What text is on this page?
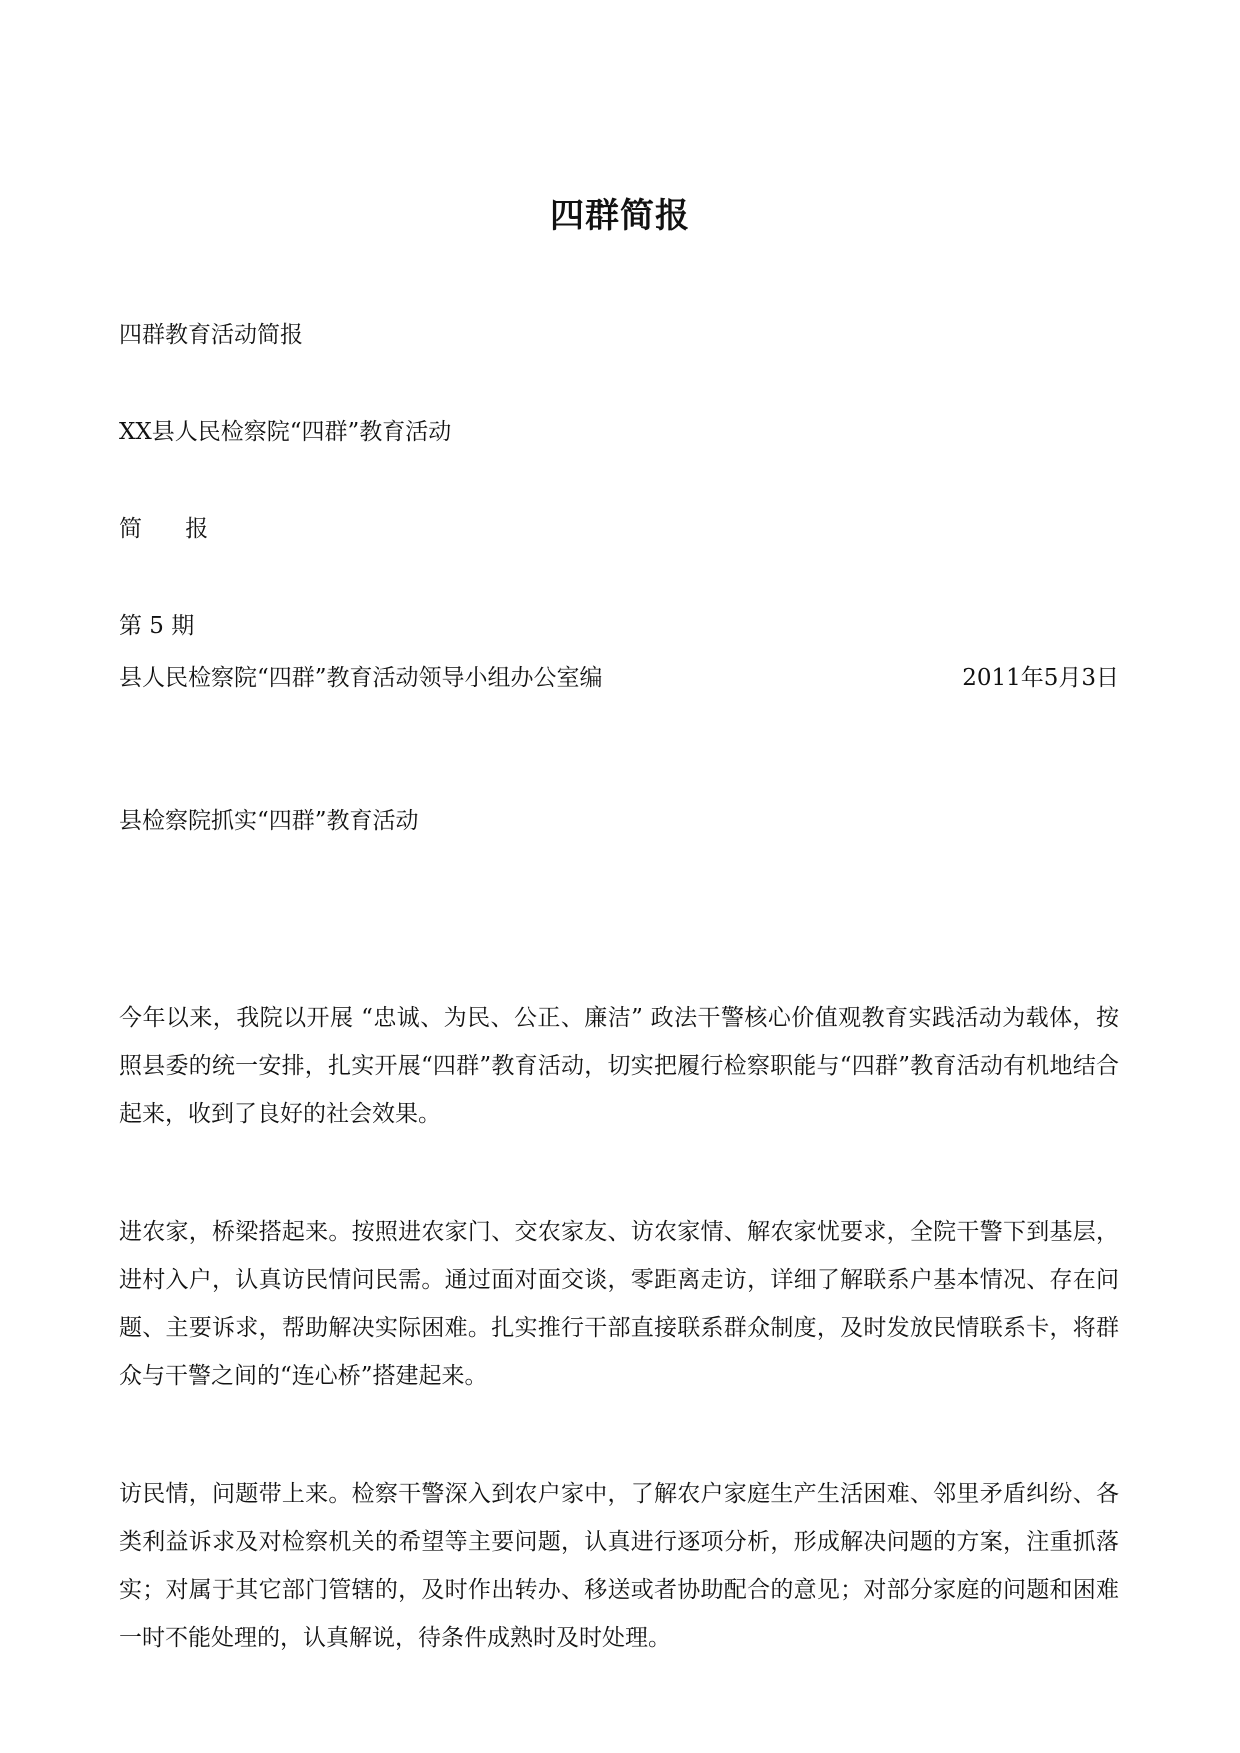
四群简报
四群教育活动简报
XX县人民检察院“四群”教育活动
简 报
第 5 期
县人民检察院“四群”教育活动领导小组办公室编	2011年5月3日
县检察院抓实“四群”教育活动
今年以来，我院以开展 “忠诚、为民、公正、廉洁” 政法干警核心价值观教育实践活动为载体，按照县委的统一安排，扎实开展“四群”教育活动，切实把履行检察职能与“四群”教育活动有机地结合起来，收到了良好的社会效果。
进农家，桥梁搭起来。按照进农家门、交农家友、访农家情、解农家忧要求，全院干警下到基层，进村入户，认真访民情问民需。通过面对面交谈，零距离走访，详细了解联系户基本情况、存在问题、主要诉求，帮助解决实际困难。扎实推行干部直接联系群众制度，及时发放民情联系卡，将群众与干警之间的“连心桥”搭建起来。
访民情，问题带上来。检察干警深入到农户家中，了解农户家庭生产生活困难、邻里矛盾纠纷、各类利益诉求及对检察机关的希望等主要问题，认真进行逐项分析，形成解决问题的方案，注重抓落实；对属于其它部门管辖的，及时作出转办、移送或者协助配合的意见；对部分家庭的问题和困难一时不能处理的，认真解说，待条件成熟时及时处理。
